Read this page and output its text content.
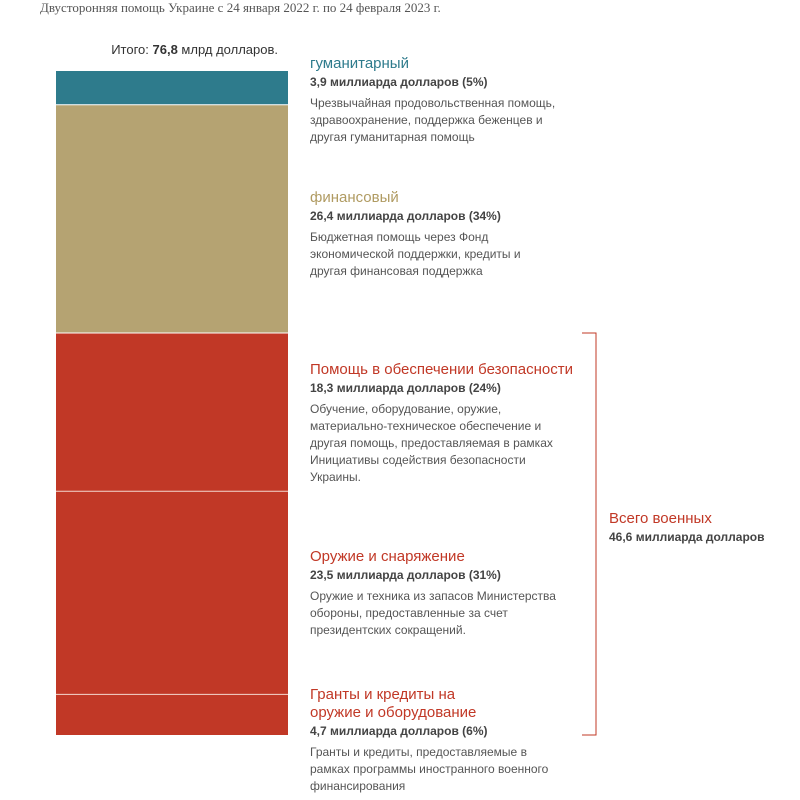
Двусторонняя помощь Украине с 24 января 2022 г. по 24 февраля 2023 г.
Итого: 76,8 млрд долларов.
гуманитарный
3,9 миллиарда долларов (5%)
Чрезвычайная продовольственная помощь, здравоохранение, поддержка беженцев и другая гуманитарная помощь
финансовый
26,4 миллиарда долларов (34%)
Бюджетная помощь через Фонд экономической поддержки, кредиты и другая финансовая поддержка
Помощь в обеспечении безопасности
18,3 миллиарда долларов (24%)
Обучение, оборудование, оружие, материально-техническое обеспечение и другая помощь, предоставляемая в рамках Инициативы содействия безопасности Украины.
Оружие и снаряжение
23,5 миллиарда долларов (31%)
Оружие и техника из запасов Министерства обороны, предоставленные за счет президентских сокращений.
Гранты и кредиты на оружие и оборудование
4,7 миллиарда долларов (6%)
Гранты и кредиты, предоставляемые в рамках программы иностранного военного финансирования
Всего военных
46,6 миллиарда долларов
